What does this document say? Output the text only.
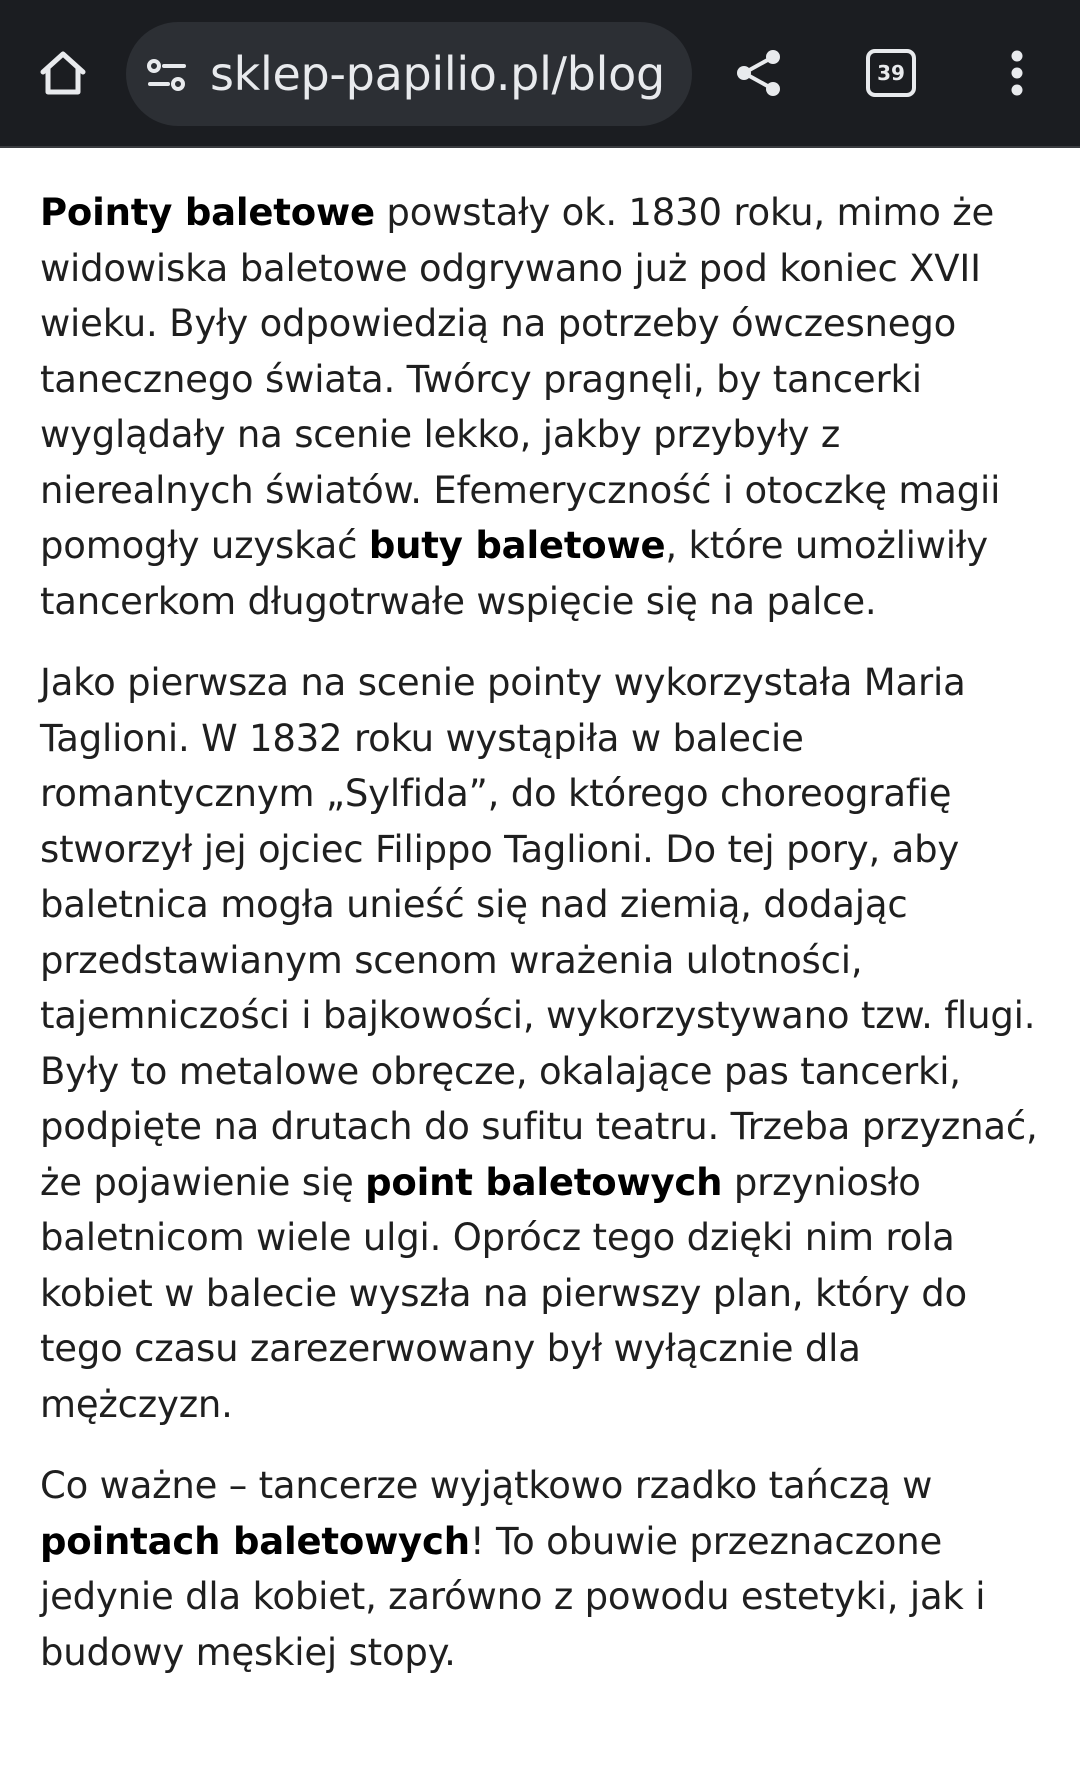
sklep-papilio.pl/blog	39

Pointy baletowe powstały ok. 1830 roku, mimo że widowiska baletowe odgrywano już pod koniec XVII wieku. Były odpowiedzią na potrzeby ówczesnego tanecznego świata. Twórcy pragnęli, by tancerki wyglądały na scenie lekko, jakby przybyły z nierealnych światów. Efemeryczność i otoczkę magii pomogły uzyskać buty baletowe, które umożliwiły tancerkom długotrwałe wspięcie się na palce.

Jako pierwsza na scenie pointy wykorzystała Maria Taglioni. W 1832 roku wystąpiła w balecie romantycznym „Sylfida”, do którego choreografię stworzył jej ojciec Filippo Taglioni. Do tej pory, aby baletnica mogła unieść się nad ziemią, dodając przedstawianym scenom wrażenia ulotności, tajemniczości i bajkowości, wykorzystywano tzw. flugi. Były to metalowe obręcze, okalające pas tancerki, podpięte na drutach do sufitu teatru. Trzeba przyznać, że pojawienie się point baletowych przyniosło baletnicom wiele ulgi. Oprócz tego dzięki nim rola kobiet w balecie wyszła na pierwszy plan, który do tego czasu zarezerwowany był wyłącznie dla mężczyzn.

Co ważne – tancerze wyjątkowo rzadko tańczą w pointach baletowych! To obuwie przeznaczone jedynie dla kobiet, zarówno z powodu estetyki, jak i budowy męskiej stopy.
